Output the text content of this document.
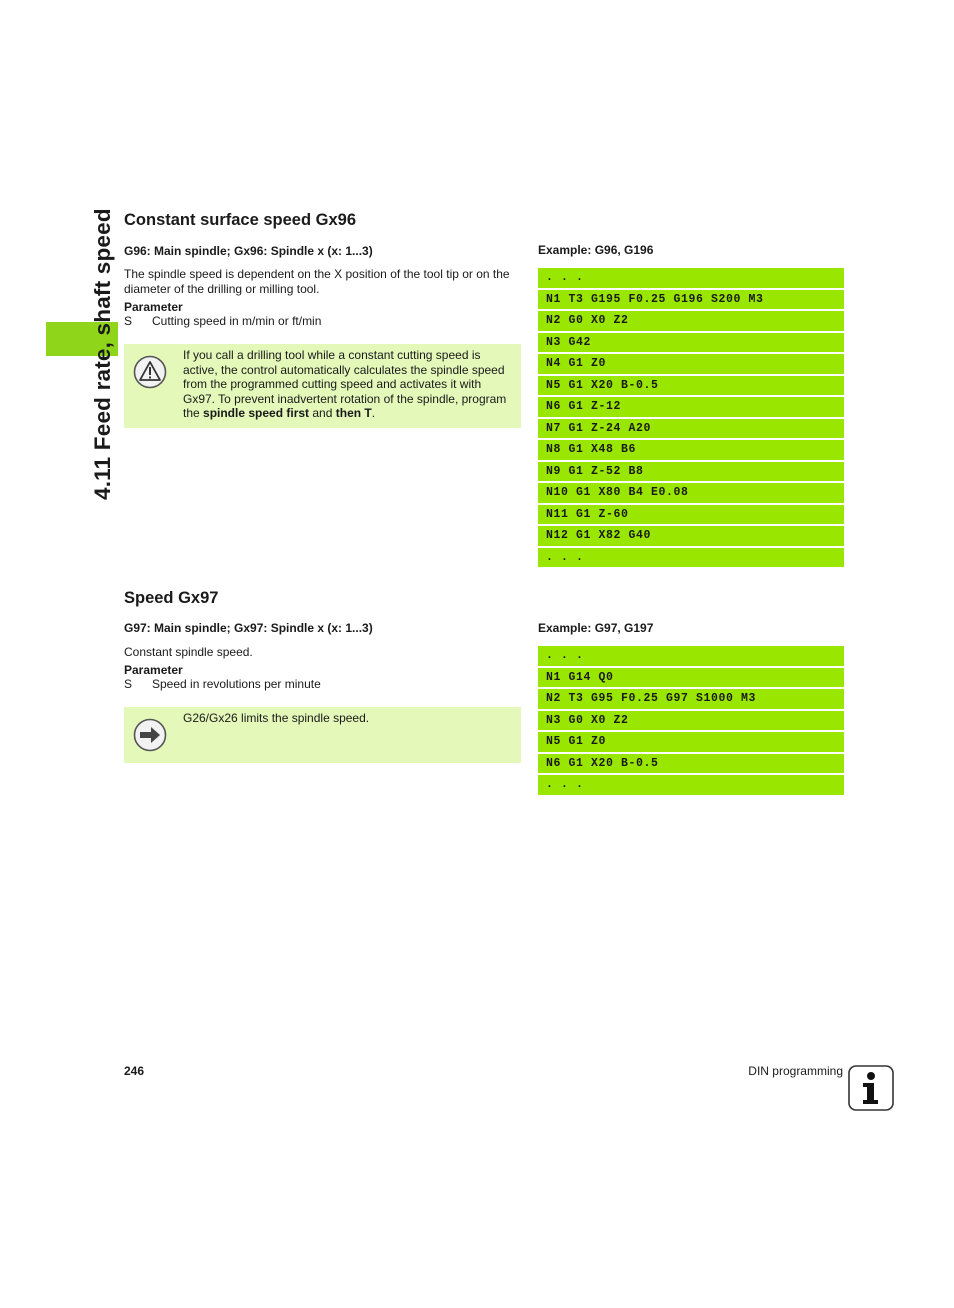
4.11 Feed rate, shaft speed Constant surface speed Gx96
G96: Main spindle; Gx96: Spindle x (x: 1...3)

The spindle speed is dependent on the X position of the tool tip or on the diameter of the drilling or milling tool.

Parameter
S Cutting speed in m/min or ft/min
If you call a drilling tool while a constant cutting speed is active, the control automatically calculates the spindle speed from the programmed cutting speed and activates it with Gx97. To prevent inadvertent rotation of the spindle, program the spindle speed first and then T.
Example: G96, G196
. . .
N1 T3 G195 F0.25 G196 S200 M3
N2 G0 X0 Z2
N3 G42
N4 G1 Z0
N5 G1 X20 B-0.5
N6 G1 Z-12
N7 G1 Z-24 A20
N8 G1 X48 B6
N9 G1 Z-52 B8
N10 G1 X80 B4 E0.08
N11 G1 Z-60
N12 G1 X82 G40
. . .
Speed Gx97
G97: Main spindle; Gx97: Spindle x (x: 1...3)

Constant spindle speed.

Parameter
S Speed in revolutions per minute
G26/Gx26 limits the spindle speed.
Example: G97, G197
. . .
N1 G14 Q0
N2 T3 G95 F0.25 G97 S1000 M3
N3 G0 X0 Z2
N5 G1 Z0
N6 G1 X20 B-0.5
. . .
246	DIN programming
